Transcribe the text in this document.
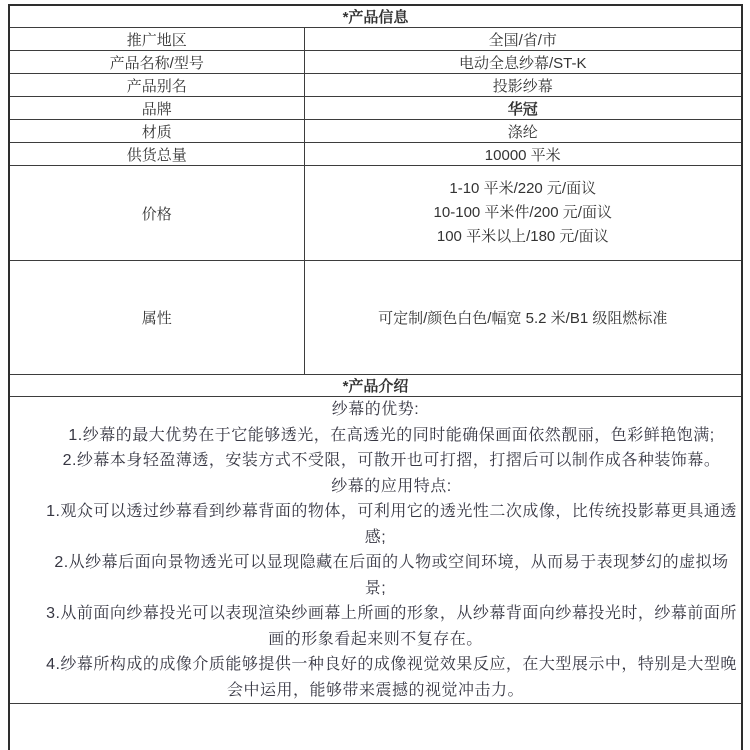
*产品信息	
推广地区	全国/省/市
产品名称/型号	电动全息纱幕/ST-K
产品别名	投影纱幕
品牌	华冠
材质	涤纶
供货总量	10000 平米
价格	1-10 平米/220 元/面议
10-100 平米件/200 元/面议
100 平米以上/180 元/面议

属性	可定制/颜色白色/幅宽 5.2 米/B1 级阻燃标准
*产品介绍	

纱幕的优势:
1.纱幕的最大优势在于它能够透光，在高透光的同时能确保画面依然靓丽，色彩鲜艳饱满;
2.纱幕本身轻盈薄透，安装方式不受限，可散开也可打摺，打摺后可以制作成各种装饰幕。
纱幕的应用特点:
1.观众可以透过纱幕看到纱幕背面的物体，可利用它的透光性二次成像，比传统投影幕更具通透
感;
2.从纱幕后面向景物透光可以显现隐藏在后面的人物或空间环境，从而易于表现梦幻的虚拟场
景;
3.从前面向纱幕投光可以表现渲染纱画幕上所画的形象，从纱幕背面向纱幕投光时，纱幕前面所
画的形象看起来则不复存在。
4.纱幕所构成的成像介质能够提供一种良好的成像视觉效果反应，在大型展示中，特别是大型晚
会中运用，能够带来震撼的视觉冲击力。
